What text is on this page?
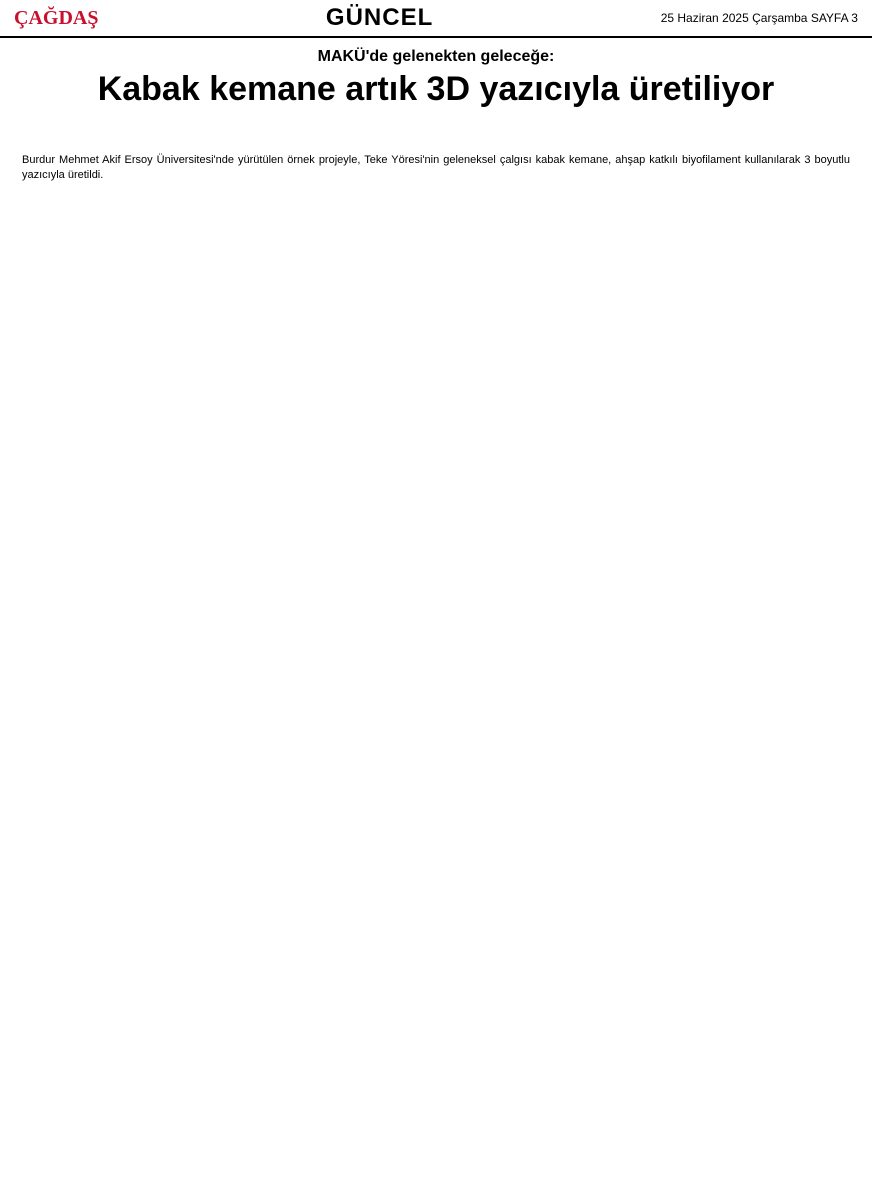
ÇAĞDAŞ	GÜNCEL	25 Haziran 2025 Çarşamba SAYFA 3
MAKÜ'de gelenekten geleceğe:
Kabak kemane artık 3D yazıcıyla üretiliyor

Burdur Mehmet Akif Ersoy Üniversitesi'nde yürütülen örnek projeyle, Teke Yöresi'nin geleneksel çalgısı kabak kemane, ahşap katkılı biyofilament kullanılarak 3 boyutlu yazıcıyla üretildi.
